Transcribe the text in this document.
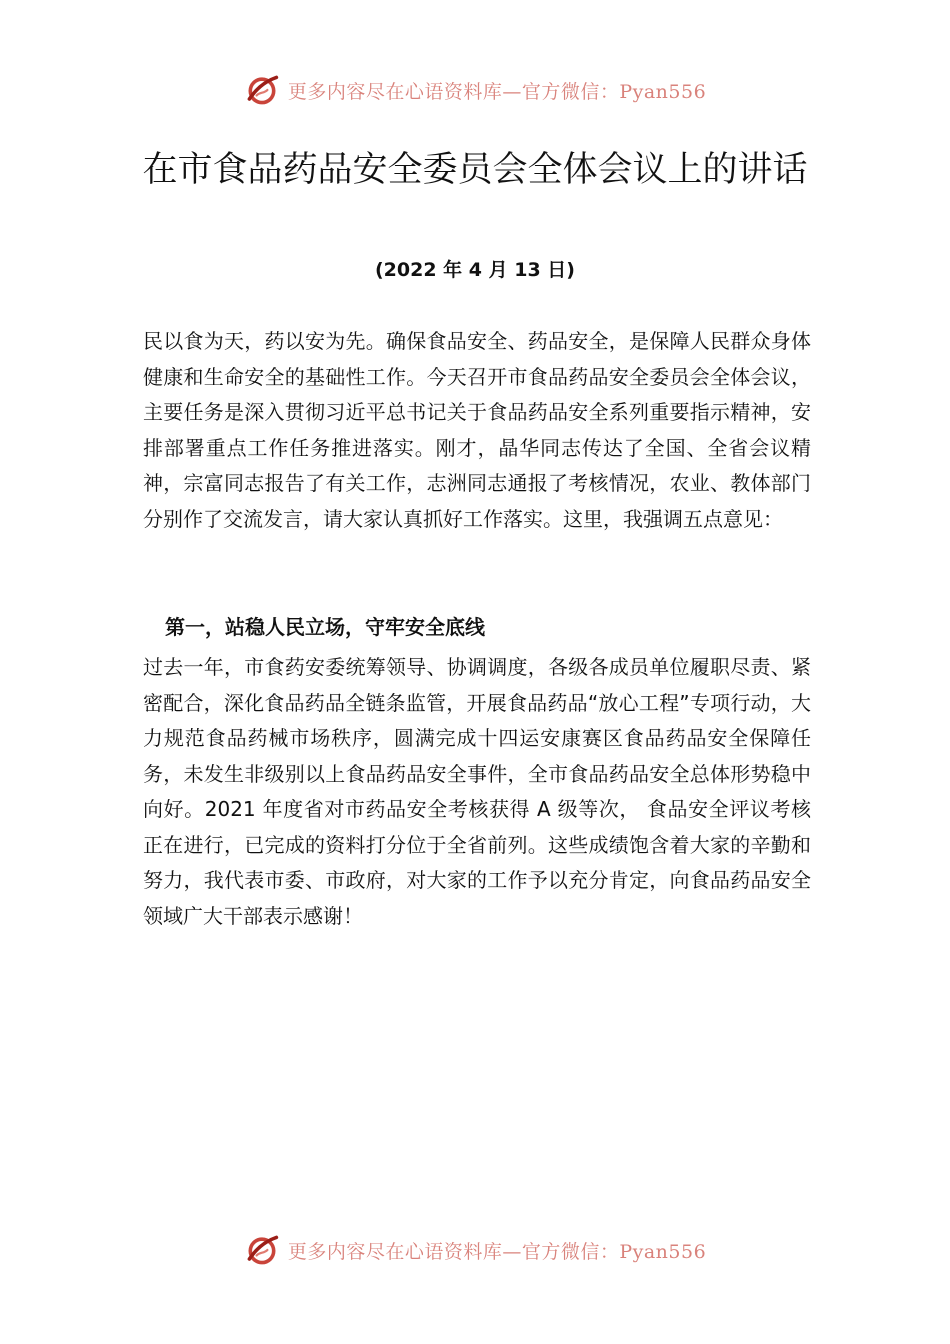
更多内容尽在心语资料库—官方微信：Pyan556
在市食品药品安全委员会全体会议上的讲话
(2022 年 4 月 13 日)

民以食为天，药以安为先。确保食品安全、药品安全，是保障人民群众身体健康和生命安全的基础性工作。今天召开市食品药品安全委员会全体会议，主要任务是深入贯彻习近平总书记关于食品药品安全系列重要指示精神，安排部署重点工作任务推进落实。刚才，晶华同志传达了全国、全省会议精神，宗富同志报告了有关工作，志洲同志通报了考核情况，农业、教体部门分别作了交流发言，请大家认真抓好工作落实。这里，我强调五点意见：

第一，站稳人民立场，守牢安全底线

过去一年，市食药安委统筹领导、协调调度，各级各成员单位履职尽责、紧密配合，深化食品药品全链条监管，开展食品药品“放心工程”专项行动，大力规范食品药械市场秩序，圆满完成十四运安康赛区食品药品安全保障任务，未发生非级别以上食品药品安全事件，全市食品药品安全总体形势稳中向好。2021 年度省对市药品安全考核获得 A 级等次， 食品安全评议考核正在进行，已完成的资料打分位于全省前列。这些成绩饱含着大家的辛勤和努力，我代表市委、市政府，对大家的工作予以充分肯定，向食品药品安全领域广大干部表示感谢！

更多内容尽在心语资料库—官方微信：Pyan556
